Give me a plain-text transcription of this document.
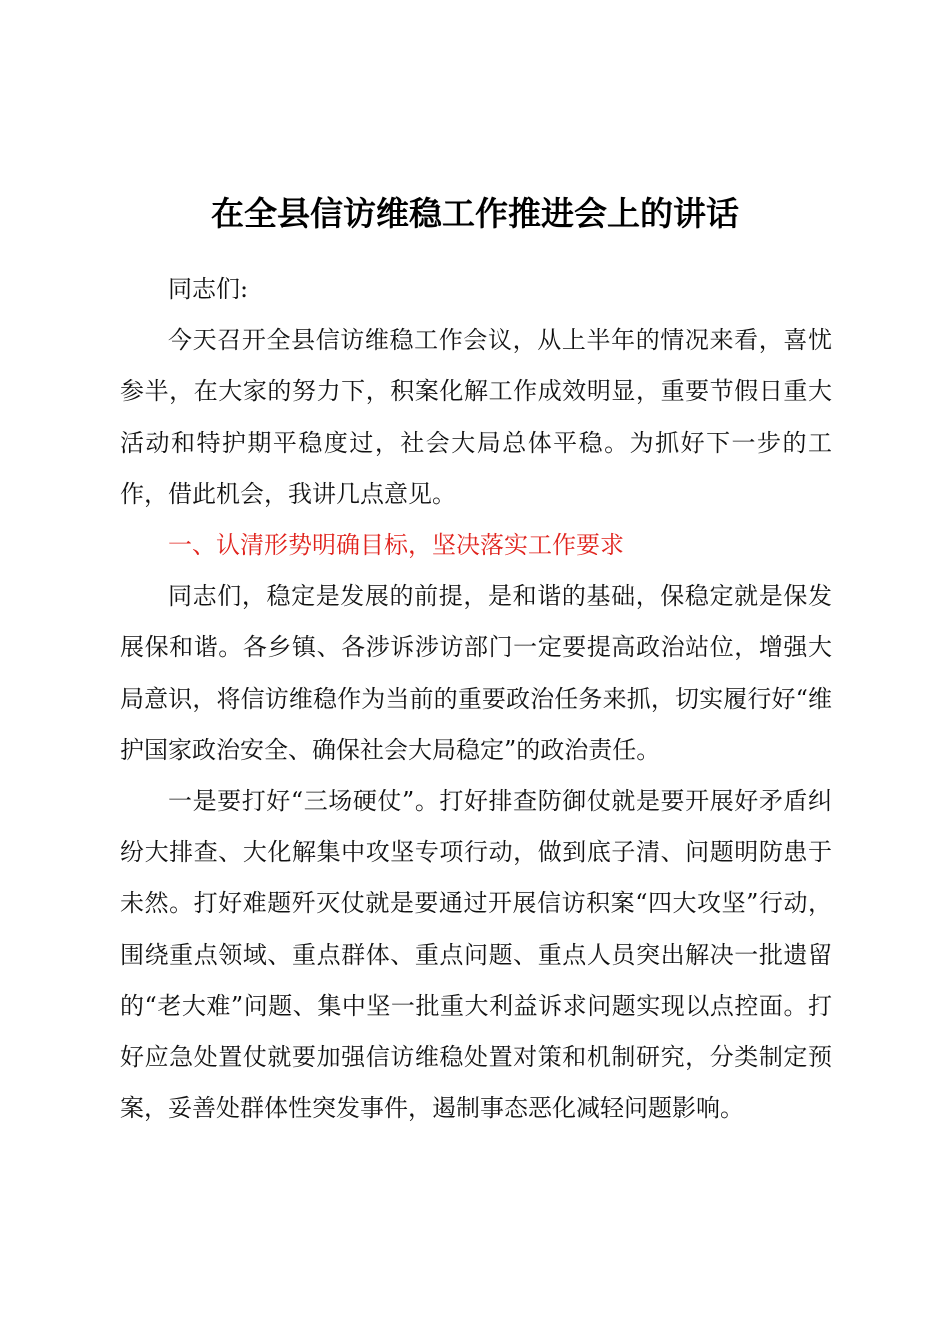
在全县信访维稳工作推进会上的讲话

同志们:

今天召开全县信访维稳工作会议，从上半年的情况来看，喜忧参半，在大家的努力下，积案化解工作成效明显，重要节假日重大活动和特护期平稳度过，社会大局总体平稳。为抓好下一步的工作，借此机会，我讲几点意见。

一、认清形势明确目标，坚决落实工作要求

同志们，稳定是发展的前提，是和谐的基础，保稳定就是保发展保和谐。各乡镇、各涉诉涉访部门一定要提高政治站位，增强大局意识，将信访维稳作为当前的重要政治任务来抓，切实履行好“维护国家政治安全、确保社会大局稳定”的政治责任。

一是要打好“三场硬仗”。打好排查防御仗就是要开展好矛盾纠纷大排查、大化解集中攻坚专项行动，做到底子清、问题明防患于未然。打好难题歼灭仗就是要通过开展信访积案“四大攻坚”行动，围绕重点领域、重点群体、重点问题、重点人员突出解决一批遗留的“老大难”问题、集中坚一批重大利益诉求问题实现以点控面。打好应急处置仗就要加强信访维稳处置对策和机制研究，分类制定预案，妥善处群体性突发事件，遏制事态恶化减轻问题影响。
